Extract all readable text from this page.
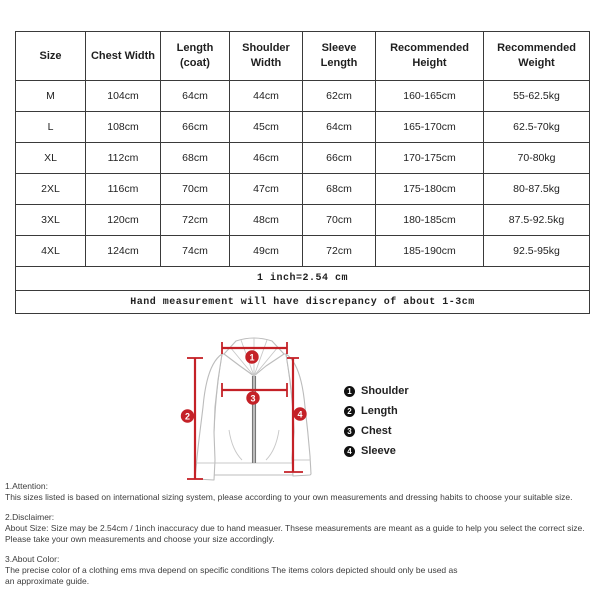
Size	Chest Width	Length (coat)	Shoulder Width	Sleeve Length	Recommended Height	Recommended Weight
M	104cm	64cm	44cm	62cm	160-165cm	55-62.5kg
L	108cm	66cm	45cm	64cm	165-170cm	62.5-70kg
XL	112cm	68cm	46cm	66cm	170-175cm	70-80kg
2XL	116cm	70cm	47cm	68cm	175-180cm	80-87.5kg
3XL	120cm	72cm	48cm	70cm	180-185cm	87.5-92.5kg
4XL	124cm	74cm	49cm	72cm	185-190cm	92.5-95kg
1 inch=2.54 cm						
Hand measurement will have discrepancy of about 1-3cm						
1
2
3
4
1 Shoulder
2 Length
3 Chest
4 Sleeve
1.Attention:
This sizes listed is based on international sizing system, please according to your own measurements and dressing habits to choose your suitable size.
2.Disclaimer:
About Size: Size may be 2.54cm / 1inch inaccuracy due to hand measuer. Thsese measurements are meant as a guide to help you select the correct size.
Please take your own measurements and choose your size accordingly.
3.About Color:
The precise color of a clothing ems mva depend on specific conditions The items colors depicted should only be used as
an approximate guide.
